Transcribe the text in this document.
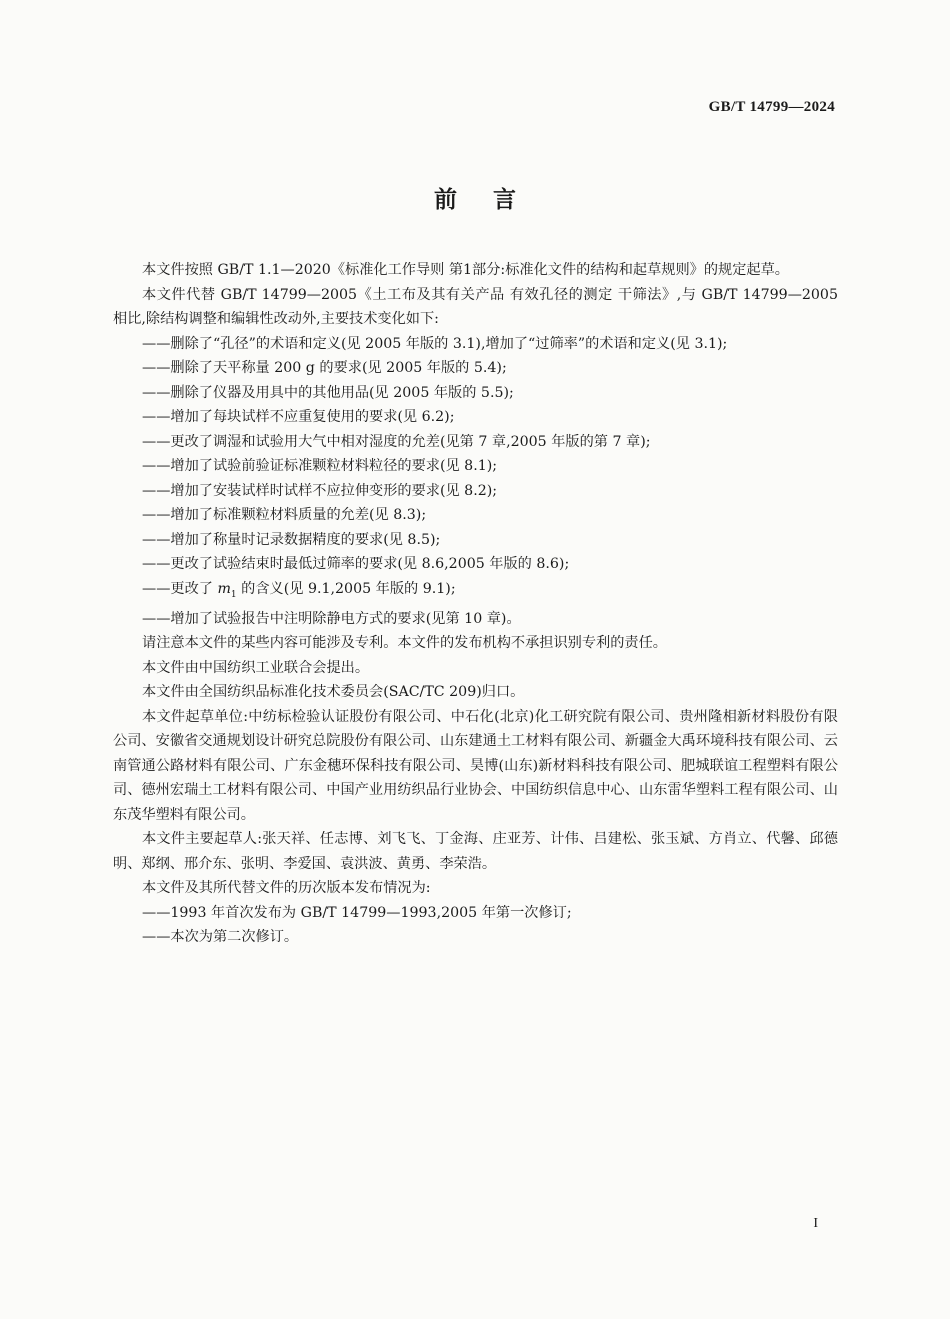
GB/T 14799—2024
前言

本文件按照 GB/T 1.1—2020《标准化工作导则 第1部分:标准化文件的结构和起草规则》的规定起草。

本文件代替 GB/T 14799—2005《土工布及其有关产品 有效孔径的测定 干筛法》,与 GB/T 14799—2005 相比,除结构调整和编辑性改动外,主要技术变化如下:

——删除了“孔径”的术语和定义(见 2005 年版的 3.1),增加了“过筛率”的术语和定义(见 3.1);

——删除了天平称量 200 g 的要求(见 2005 年版的 5.4);

——删除了仪器及用具中的其他用品(见 2005 年版的 5.5);

——增加了每块试样不应重复使用的要求(见 6.2);

——更改了调湿和试验用大气中相对湿度的允差(见第 7 章,2005 年版的第 7 章);

——增加了试验前验证标准颗粒材料粒径的要求(见 8.1);

——增加了安装试样时试样不应拉伸变形的要求(见 8.2);

——增加了标准颗粒材料质量的允差(见 8.3);

——增加了称量时记录数据精度的要求(见 8.5);

——更改了试验结束时最低过筛率的要求(见 8.6,2005 年版的 8.6);

——更改了 $m_1$ 的含义(见 9.1,2005 年版的 9.1);

——增加了试验报告中注明除静电方式的要求(见第 10 章)。

请注意本文件的某些内容可能涉及专利。本文件的发布机构不承担识别专利的责任。

本文件由中国纺织工业联合会提出。

本文件由全国纺织品标准化技术委员会(SAC/TC 209)归口。

本文件起草单位:中纺标检验认证股份有限公司、中石化(北京)化工研究院有限公司、贵州隆相新材料股份有限公司、安徽省交通规划设计研究总院股份有限公司、山东建通土工材料有限公司、新疆金大禹环境科技有限公司、云南管通公路材料有限公司、广东金穗环保科技有限公司、昊博(山东)新材料科技有限公司、肥城联谊工程塑料有限公司、德州宏瑞土工材料有限公司、中国产业用纺织品行业协会、中国纺织信息中心、山东雷华塑料工程有限公司、山东茂华塑料有限公司。

本文件主要起草人:张天祥、任志博、刘飞飞、丁金海、庄亚芳、计伟、吕建松、张玉斌、方肖立、代馨、邱德明、郑纲、邢介东、张明、李爱国、袁洪波、黄勇、李荣浩。

本文件及其所代替文件的历次版本发布情况为:

——1993 年首次发布为 GB/T 14799—1993,2005 年第一次修订;

——本次为第二次修订。

I
